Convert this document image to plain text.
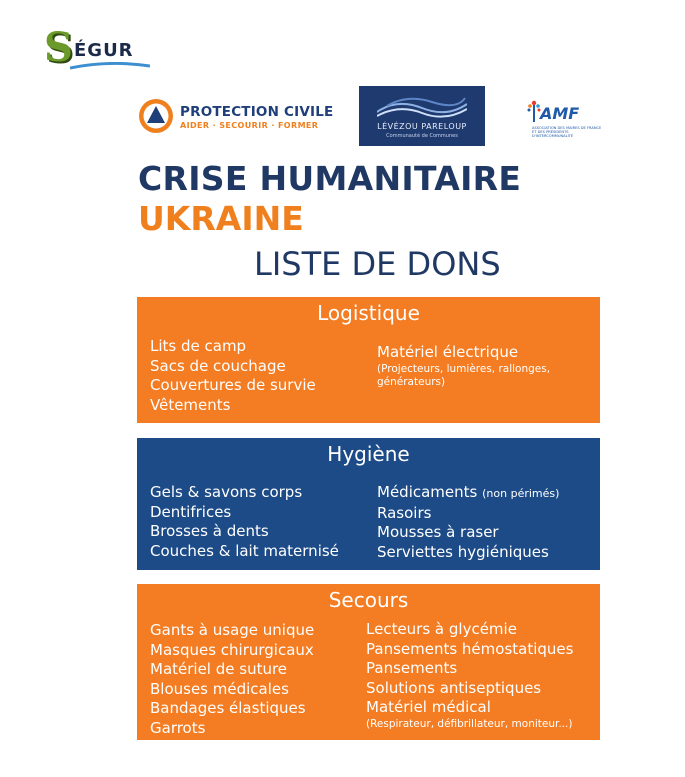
S ÉGUR
PROTECTION CIVILE
AIDER · SECOURIR · FORMER	LÉVÉZOU PARELOUP
Communauté de Communes
AMF
ASSOCIATION DES MAIRES DE FRANCE ET DES PRÉSIDENTS D'INTERCOMMUNALITÉ
CRISE HUMANITAIRE
UKRAINE
LISTE DE DONS
Logistique
Lits de camp
Sacs de couchage
Couvertures de survie
Vêtements
Matériel électrique
(Projecteurs, lumières, rallonges,
générateurs)
Hygiène
Gels & savons corps
Dentifrices
Brosses à dents
Couches & lait maternisé
Médicaments (non périmés)
Rasoirs
Mousses à raser
Serviettes hygiéniques
Secours
Gants à usage unique
Masques chirurgicaux
Matériel de suture
Blouses médicales
Bandages élastiques
Garrots
Lecteurs à glycémie
Pansements hémostatiques
Pansements
Solutions antiseptiques
Matériel médical
(Respirateur, défibrillateur, moniteur...)
